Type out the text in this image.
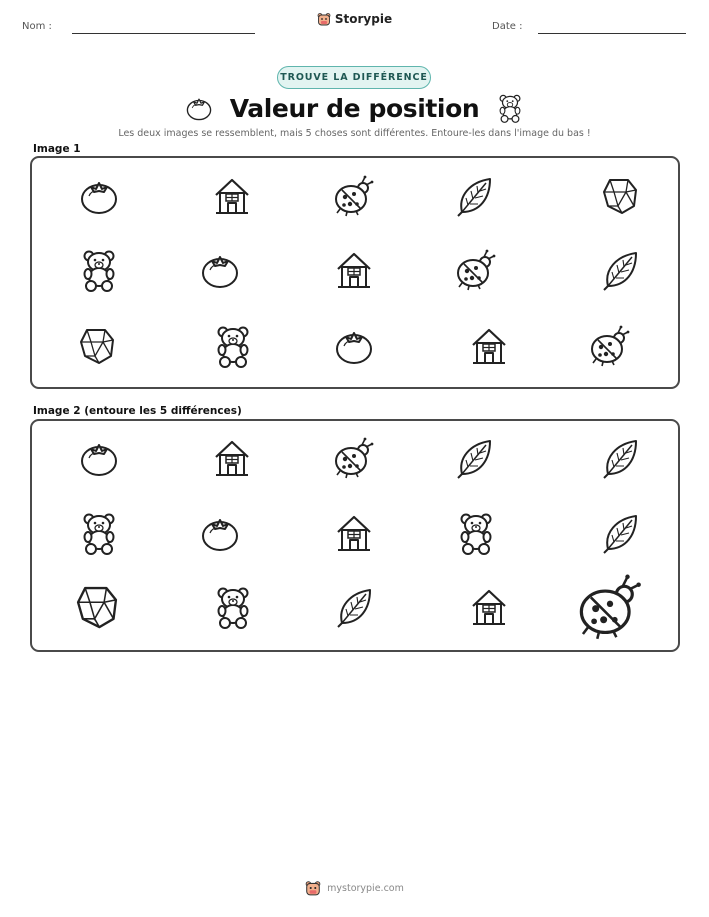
Nom :
Storypie
Date :
TROUVE LA DIFFÉRENCE
Valeur de position
Les deux images se ressemblent, mais 5 choses sont différentes. Entoure-les dans l'image du bas !
Image 1
Image 2 (entoure les 5 différences)
mystorypie.com
